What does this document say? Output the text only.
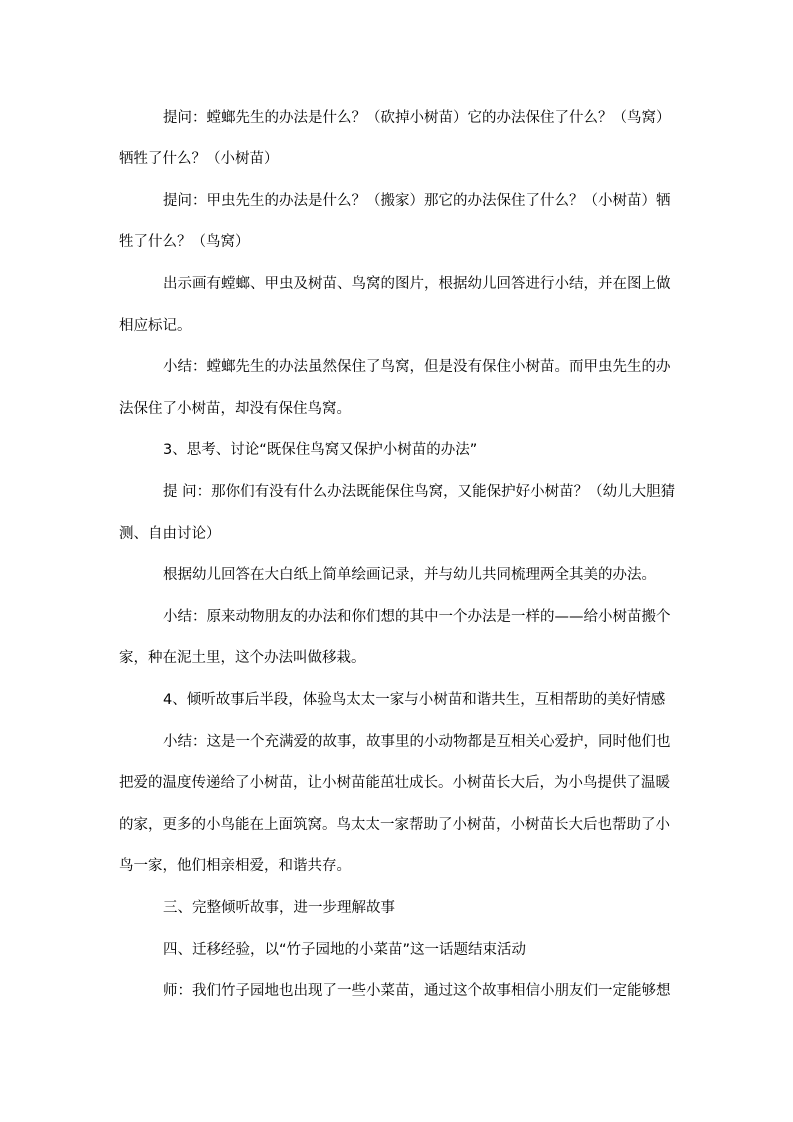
提问：螳螂先生的办法是什么？（砍掉小树苗）它的办法保住了什么？（鸟窝）
牺牲了什么？（小树苗）
提问：甲虫先生的办法是什么？（搬家）那它的办法保住了什么？（小树苗）牺
牲了什么？（鸟窝）
出示画有螳螂、甲虫及树苗、鸟窝的图片，根据幼儿回答进行小结，并在图上做
相应标记。
小结：螳螂先生的办法虽然保住了鸟窝，但是没有保住小树苗。而甲虫先生的办
法保住了小树苗，却没有保住鸟窝。
3、思考、讨论“既保住鸟窝又保护小树苗的办法”
提 问：那你们有没有什么办法既能保住鸟窝，又能保护好小树苗？（幼儿大胆猜
测、自由讨论）
根据幼儿回答在大白纸上简单绘画记录，并与幼儿共同梳理两全其美的办法。
小结：原来动物朋友的办法和你们想的其中一个办法是一样的——给小树苗搬个
家，种在泥土里，这个办法叫做移栽。
4、倾听故事后半段，体验鸟太太一家与小树苗和谐共生，互相帮助的美好情感
小结：这是一个充满爱的故事，故事里的小动物都是互相关心爱护，同时他们也
把爱的温度传递给了小树苗，让小树苗能茁壮成长。小树苗长大后，为小鸟提供了温暖
的家，更多的小鸟能在上面筑窝。鸟太太一家帮助了小树苗，小树苗长大后也帮助了小
鸟一家，他们相亲相爱，和谐共存。
三、完整倾听故事，进一步理解故事
四、迁移经验，以“竹子园地的小菜苗”这一话题结束活动
师：我们竹子园地也出现了一些小菜苗，通过这个故事相信小朋友们一定能够想
